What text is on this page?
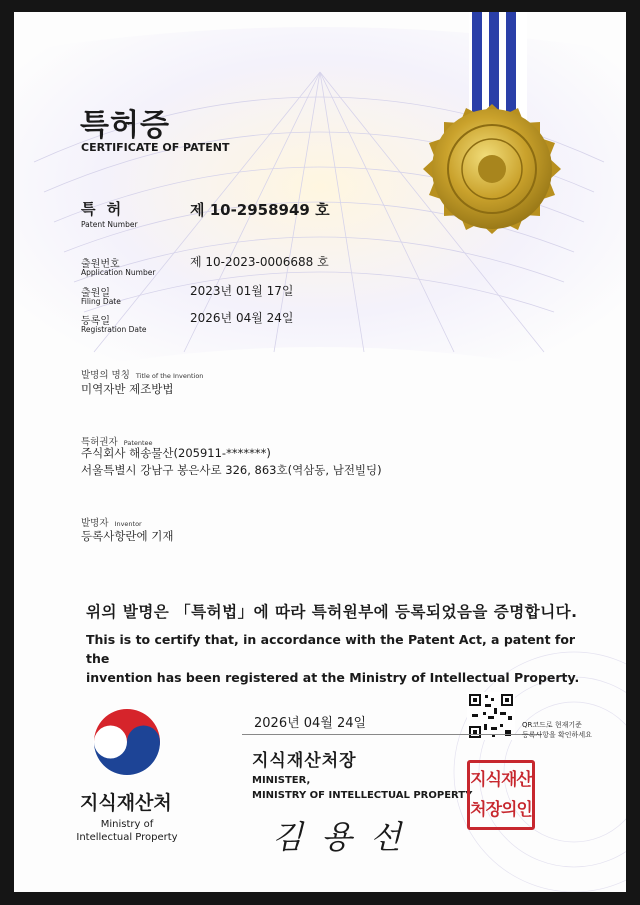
특허증
CERTIFICATE OF PATENT
특 허
Patent Number
제 10-2958949 호
출원번호
Application Number
제 10-2023-0006688 호
출원일
Filing Date
2023년 01월 17일
등록일
Registration Date
2026년 04월 24일
발명의 명칭 Title of the Invention
미역자반 제조방법
특허권자 Patentee
주식회사 해송물산(205911-*******)
서울특별시 강남구 봉은사로 326, 863호(역삼동, 남전빌딩)
발명자 Inventor
등록사항란에 기재
위의 발명은 「특허법」에 따라 특허원부에 등록되었음을 증명합니다.
This is to certify that, in accordance with the Patent Act, a patent for the
invention has been registered at the Ministry of Intellectual Property.
2026년 04월 24일
지식재산처장
MINISTER,
MINISTRY OF INTELLECTUAL PROPERTY
지식재산처
Ministry of
Intellectual Property
QR코드로 현재기준
등록사항을 확인하세요
지식재산
처장의인
김 용 선
